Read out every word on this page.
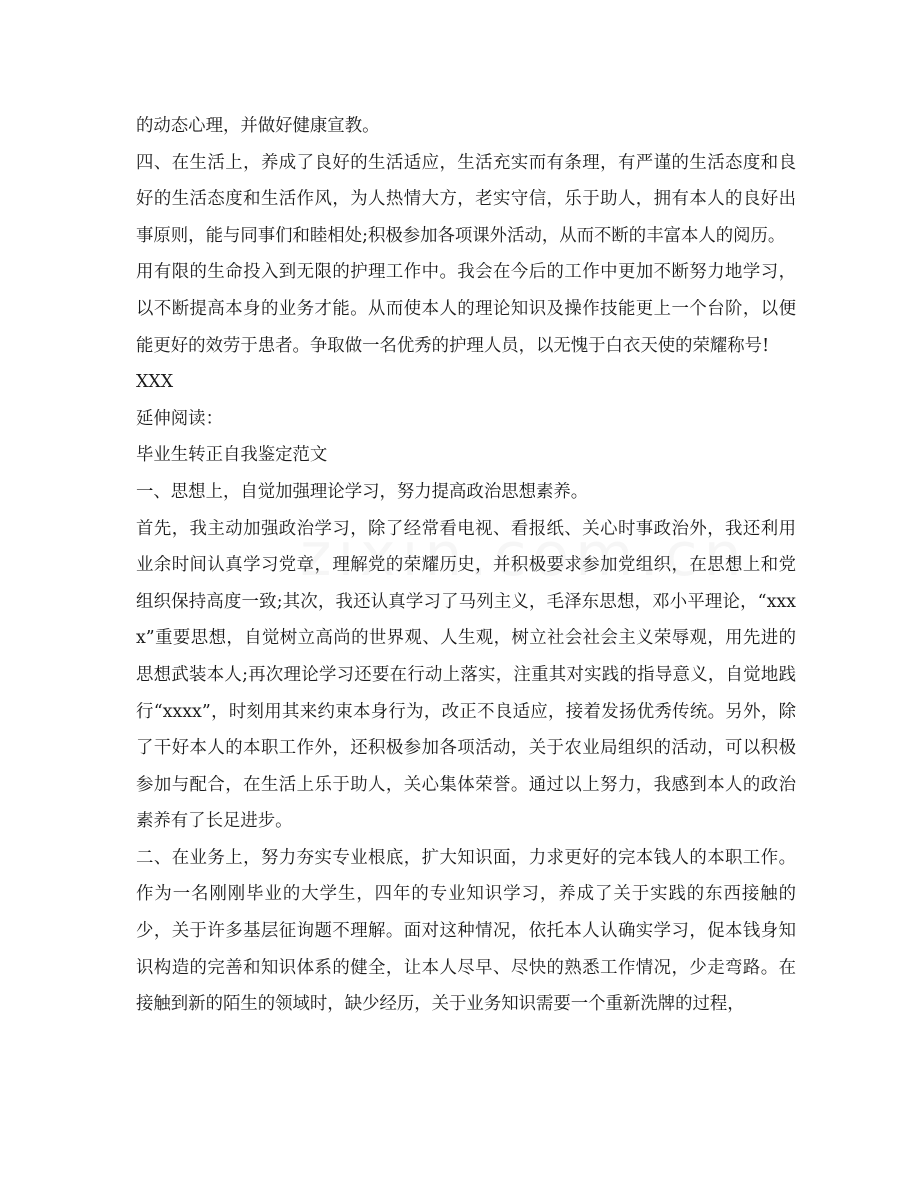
的动态心理，并做好健康宣教。

四、在生活上，养成了良好的生活适应，生活充实而有条理，有严谨的生活态度和良好的生活态度和生活作风，为人热情大方，老实守信，乐于助人，拥有本人的良好出事原则，能与同事们和睦相处;积极参加各项课外活动，从而不断的丰富本人的阅历。

用有限的生命投入到无限的护理工作中。我会在今后的工作中更加不断努力地学习，以不断提高本身的业务才能。从而使本人的理论知识及操作技能更上一个台阶，以便能更好的效劳于患者。争取做一名优秀的护理人员，以无愧于白衣天使的荣耀称号!

XXX

延伸阅读：

毕业生转正自我鉴定范文

一、思想上，自觉加强理论学习，努力提高政治思想素养。

首先，我主动加强政治学习，除了经常看电视、看报纸、关心时事政治外，我还利用业余时间认真学习党章，理解党的荣耀历史，并积极要求参加党组织，在思想上和党组织保持高度一致;其次，我还认真学习了马列主义，毛泽东思想，邓小平理论，“xxxx”重要思想，自觉树立高尚的世界观、人生观，树立社会社会主义荣辱观，用先进的思想武装本人;再次理论学习还要在行动上落实，注重其对实践的指导意义，自觉地践行“xxxx”，时刻用其来约束本身行为，改正不良适应，接着发扬优秀传统。另外，除了干好本人的本职工作外，还积极参加各项活动，关于农业局组织的活动，可以积极参加与配合，在生活上乐于助人，关心集体荣誉。通过以上努力，我感到本人的政治素养有了长足进步。

二、在业务上，努力夯实专业根底，扩大知识面，力求更好的完本钱人的本职工作。作为一名刚刚毕业的大学生，四年的专业知识学习，养成了关于实践的东西接触的少，关于许多基层征询题不理解。面对这种情况，依托本人认确实学习，促本钱身知识构造的完善和知识体系的健全，让本人尽早、尽快的熟悉工作情况，少走弯路。在接触到新的陌生的领域时，缺少经历，关于业务知识需要一个重新洗牌的过程，
